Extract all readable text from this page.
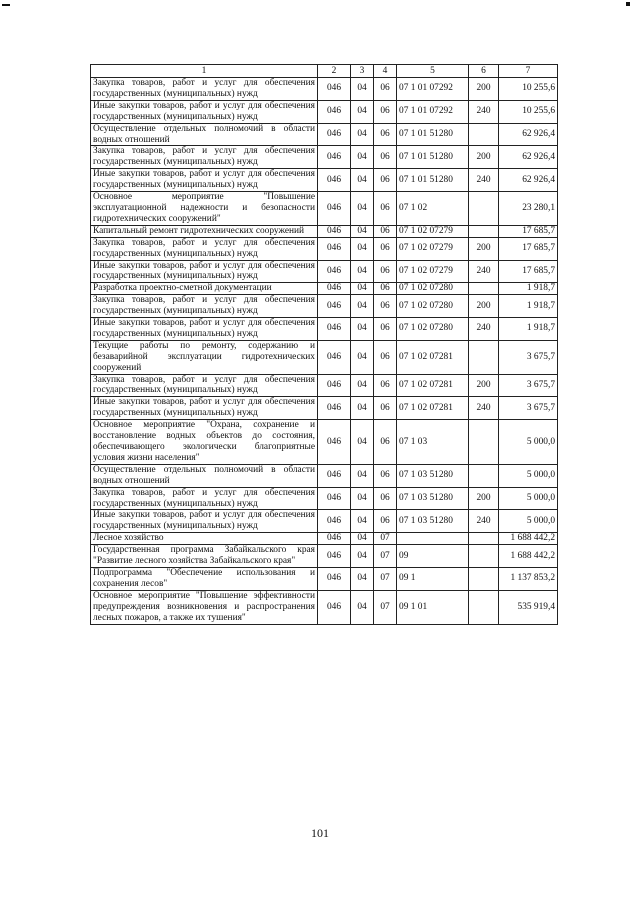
1	2	3	4	5	6	7
Закупка товаров, работ и услуг для обеспечения государственных (муниципальных) нужд	046	04	06	07 1 01 07292	200	10 255,6
Иные закупки товаров, работ и услуг для обеспечения государственных (муниципальных) нужд	046	04	06	07 1 01 07292	240	10 255,6
Осуществление отдельных полномочий в области водных отношений	046	04	06	07 1 01 51280		62 926,4
Закупка товаров, работ и услуг для обеспечения государственных (муниципальных) нужд	046	04	06	07 1 01 51280	200	62 926,4
Иные закупки товаров, работ и услуг для обеспечения государственных (муниципальных) нужд	046	04	06	07 1 01 51280	240	62 926,4
Основное мероприятие "Повышение эксплуатационной надежности и безопасности гидротехнических сооружений"	046	04	06	07 1 02		23 280,1
Капитальный ремонт гидротехнических сооружений	046	04	06	07 1 02 07279		17 685,7
Закупка товаров, работ и услуг для обеспечения государственных (муниципальных) нужд	046	04	06	07 1 02 07279	200	17 685,7
Иные закупки товаров, работ и услуг для обеспечения государственных (муниципальных) нужд	046	04	06	07 1 02 07279	240	17 685,7
Разработка проектно-сметной документации	046	04	06	07 1 02 07280		1 918,7
Закупка товаров, работ и услуг для обеспечения государственных (муниципальных) нужд	046	04	06	07 1 02 07280	200	1 918,7
Иные закупки товаров, работ и услуг для обеспечения государственных (муниципальных) нужд	046	04	06	07 1 02 07280	240	1 918,7
Текущие работы по ремонту, содержанию и безаварийной эксплуатации гидротехнических сооружений	046	04	06	07 1 02 07281		3 675,7
Закупка товаров, работ и услуг для обеспечения государственных (муниципальных) нужд	046	04	06	07 1 02 07281	200	3 675,7
Иные закупки товаров, работ и услуг для обеспечения государственных (муниципальных) нужд	046	04	06	07 1 02 07281	240	3 675,7
Основное мероприятие "Охрана, сохранение и восстановление водных объектов до состояния, обеспечивающего экологически благоприятные условия жизни населения"	046	04	06	07 1 03		5 000,0
Осуществление отдельных полномочий в области водных отношений	046	04	06	07 1 03 51280		5 000,0
Закупка товаров, работ и услуг для обеспечения государственных (муниципальных) нужд	046	04	06	07 1 03 51280	200	5 000,0
Иные закупки товаров, работ и услуг для обеспечения государственных (муниципальных) нужд	046	04	06	07 1 03 51280	240	5 000,0
Лесное хозяйство	046	04	07			1 688 442,2
Государственная программа Забайкальского края "Развитие лесного хозяйства Забайкальского края"	046	04	07	09		1 688 442,2
Подпрограмма "Обеспечение использования и сохранения лесов"	046	04	07	09 1		1 137 853,2
Основное мероприятие "Повышение эффективности предупреждения возникновения и распространения лесных пожаров, а также их тушения"	046	04	07	09 1 01		535 919,4
101
